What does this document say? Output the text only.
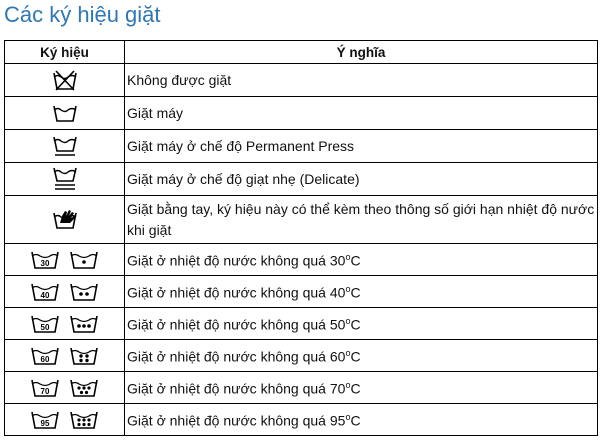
Các ký hiệu giặt
Ký hiệu	Ý nghĩa
	Không được giặt
	Giặt máy
	Giặt máy ở chế độ Permanent Press
	Giặt máy ở chế độ giạt nhẹ (Delicate)
	Giặt bằng tay, ký hiệu này có thể kèm theo thông số giới hạn nhiệt độ nước khi giặt

30	Giặt ở nhiệt độ nước không quá 30$^o$C

40	Giặt ở nhiệt độ nước không quá 40$^o$C

50	Giặt ở nhiệt độ nước không quá 50$^o$C

60	Giặt ở nhiệt độ nước không quá 60$^o$C

70	Giặt ở nhiệt độ nước không quá 70$^o$C

95	Giặt ở nhiệt độ nước không quá 95$^o$C
